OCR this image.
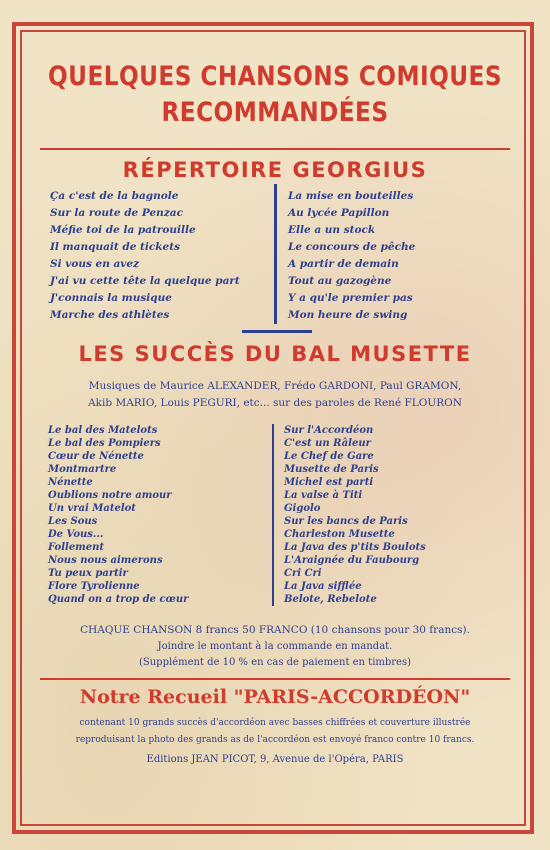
QUELQUES CHANSONS COMIQUES
RECOMMANDÉES
RÉPERTOIRE GEORGIUS
Ça c'est de la bagnole
Sur la route de Penzac
Méfie toi de la patrouille
Il manquait de tickets
Si vous en avez
J'ai vu cette tête la quelque part
J'connais la musique
Marche des athlètes
La mise en bouteilles
Au lycée Papillon
Elle a un stock
Le concours de pêche
A partir de demain
Tout au gazogène
Y a qu'le premier pas
Mon heure de swing
LES SUCCÈS DU BAL MUSETTE
Musiques de Maurice ALEXANDER, Frédo GARDONI, Paul GRAMON,
Akib MARIO, Louis PEGURI, etc... sur des paroles de René FLOURON
Le bal des Matelots
Le bal des Pompiers
Cœur de Nénette
Montmartre
Nénette
Oublions notre amour
Un vrai Matelot
Les Sous
De Vous...
Follement
Nous nous aimerons
Tu peux partir
Flore Tyrolienne
Quand on a trop de cœur
Sur l'Accordéon
C'est un Râleur
Le Chef de Gare
Musette de Paris
Michel est parti
La valse à Titi
Gigolo
Sur les bancs de Paris
Charleston Musette
La Java des p'tits Boulots
L'Araignée du Faubourg
Cri Cri
La Java sifflée
Belote, Rebelote
CHAQUE CHANSON 8 francs 50 FRANCO (10 chansons pour 30 francs).
Joindre le montant à la commande en mandat.
(Supplément de 10 % en cas de paiement en timbres)
Notre Recueil "PARIS-ACCORDÉON"
contenant 10 grands succès d'accordéon avec basses chiffrées et couverture illustrée
reproduisant la photo des grands as de l'accordéon est envoyé franco contre 10 francs.
Editions JEAN PICOT, 9, Avenue de l'Opéra, PARIS
